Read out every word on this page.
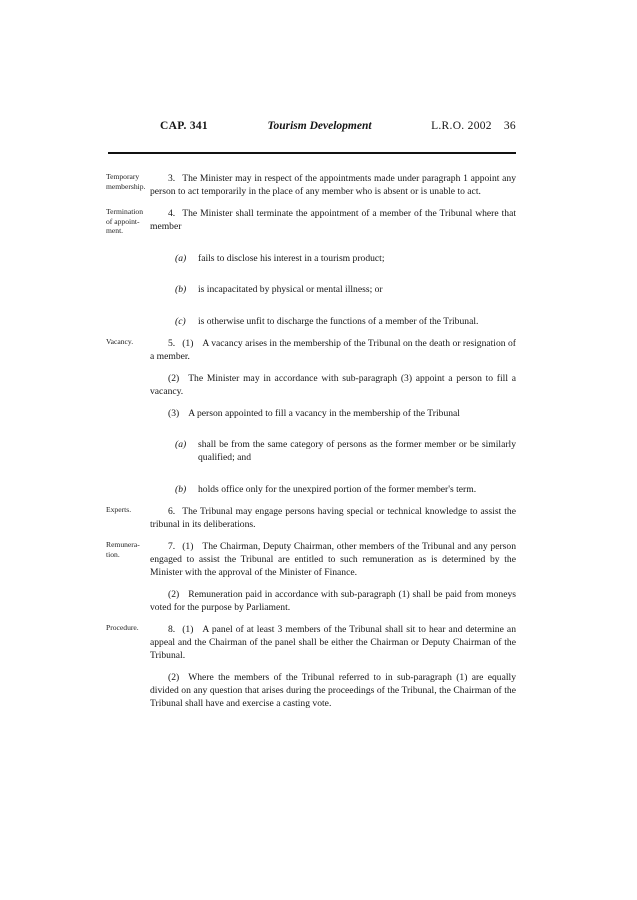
CAP. 341	Tourism Development	L.R.O. 2002 36
Temporary membership.

3. The Minister may in respect of the appointments made under paragraph 1 appoint any person to act temporarily in the place of any member who is absent or is unable to act.

Termination of appoint-ment.

4. The Minister shall terminate the appointment of a member of the Tribunal where that member

(a) fails to disclose his interest in a tourism product;

(b) is incapacitated by physical or mental illness; or

(c) is otherwise unfit to discharge the functions of a member of the Tribunal.

Vacancy.	5. (1) A vacancy arises in the membership of the Tribunal on the death or resignation of a member.

(2) The Minister may in accordance with sub-paragraph (3) appoint a person to fill a vacancy.

(3) A person appointed to fill a vacancy in the membership of the Tribunal

(a) shall be from the same category of persons as the former member or be similarly qualified; and

(b) holds office only for the unexpired portion of the former member's term.

Experts.	6. The Tribunal may engage persons having special or technical knowledge to assist the tribunal in its deliberations.

Remunera-tion.

7. (1) The Chairman, Deputy Chairman, other members of the Tribunal and any person engaged to assist the Tribunal are entitled to such remuneration as is determined by the Minister with the approval of the Minister of Finance.

(2) Remuneration paid in accordance with sub-paragraph (1) shall be paid from moneys voted for the purpose by Parliament.

Procedure.	8. (1) A panel of at least 3 members of the Tribunal shall sit to hear and determine an appeal and the Chairman of the panel shall be either the Chairman or Deputy Chairman of the Tribunal.

(2) Where the members of the Tribunal referred to in sub-paragraph (1) are equally divided on any question that arises during the proceedings of the Tribunal, the Chairman of the Tribunal shall have and exercise a casting vote.
